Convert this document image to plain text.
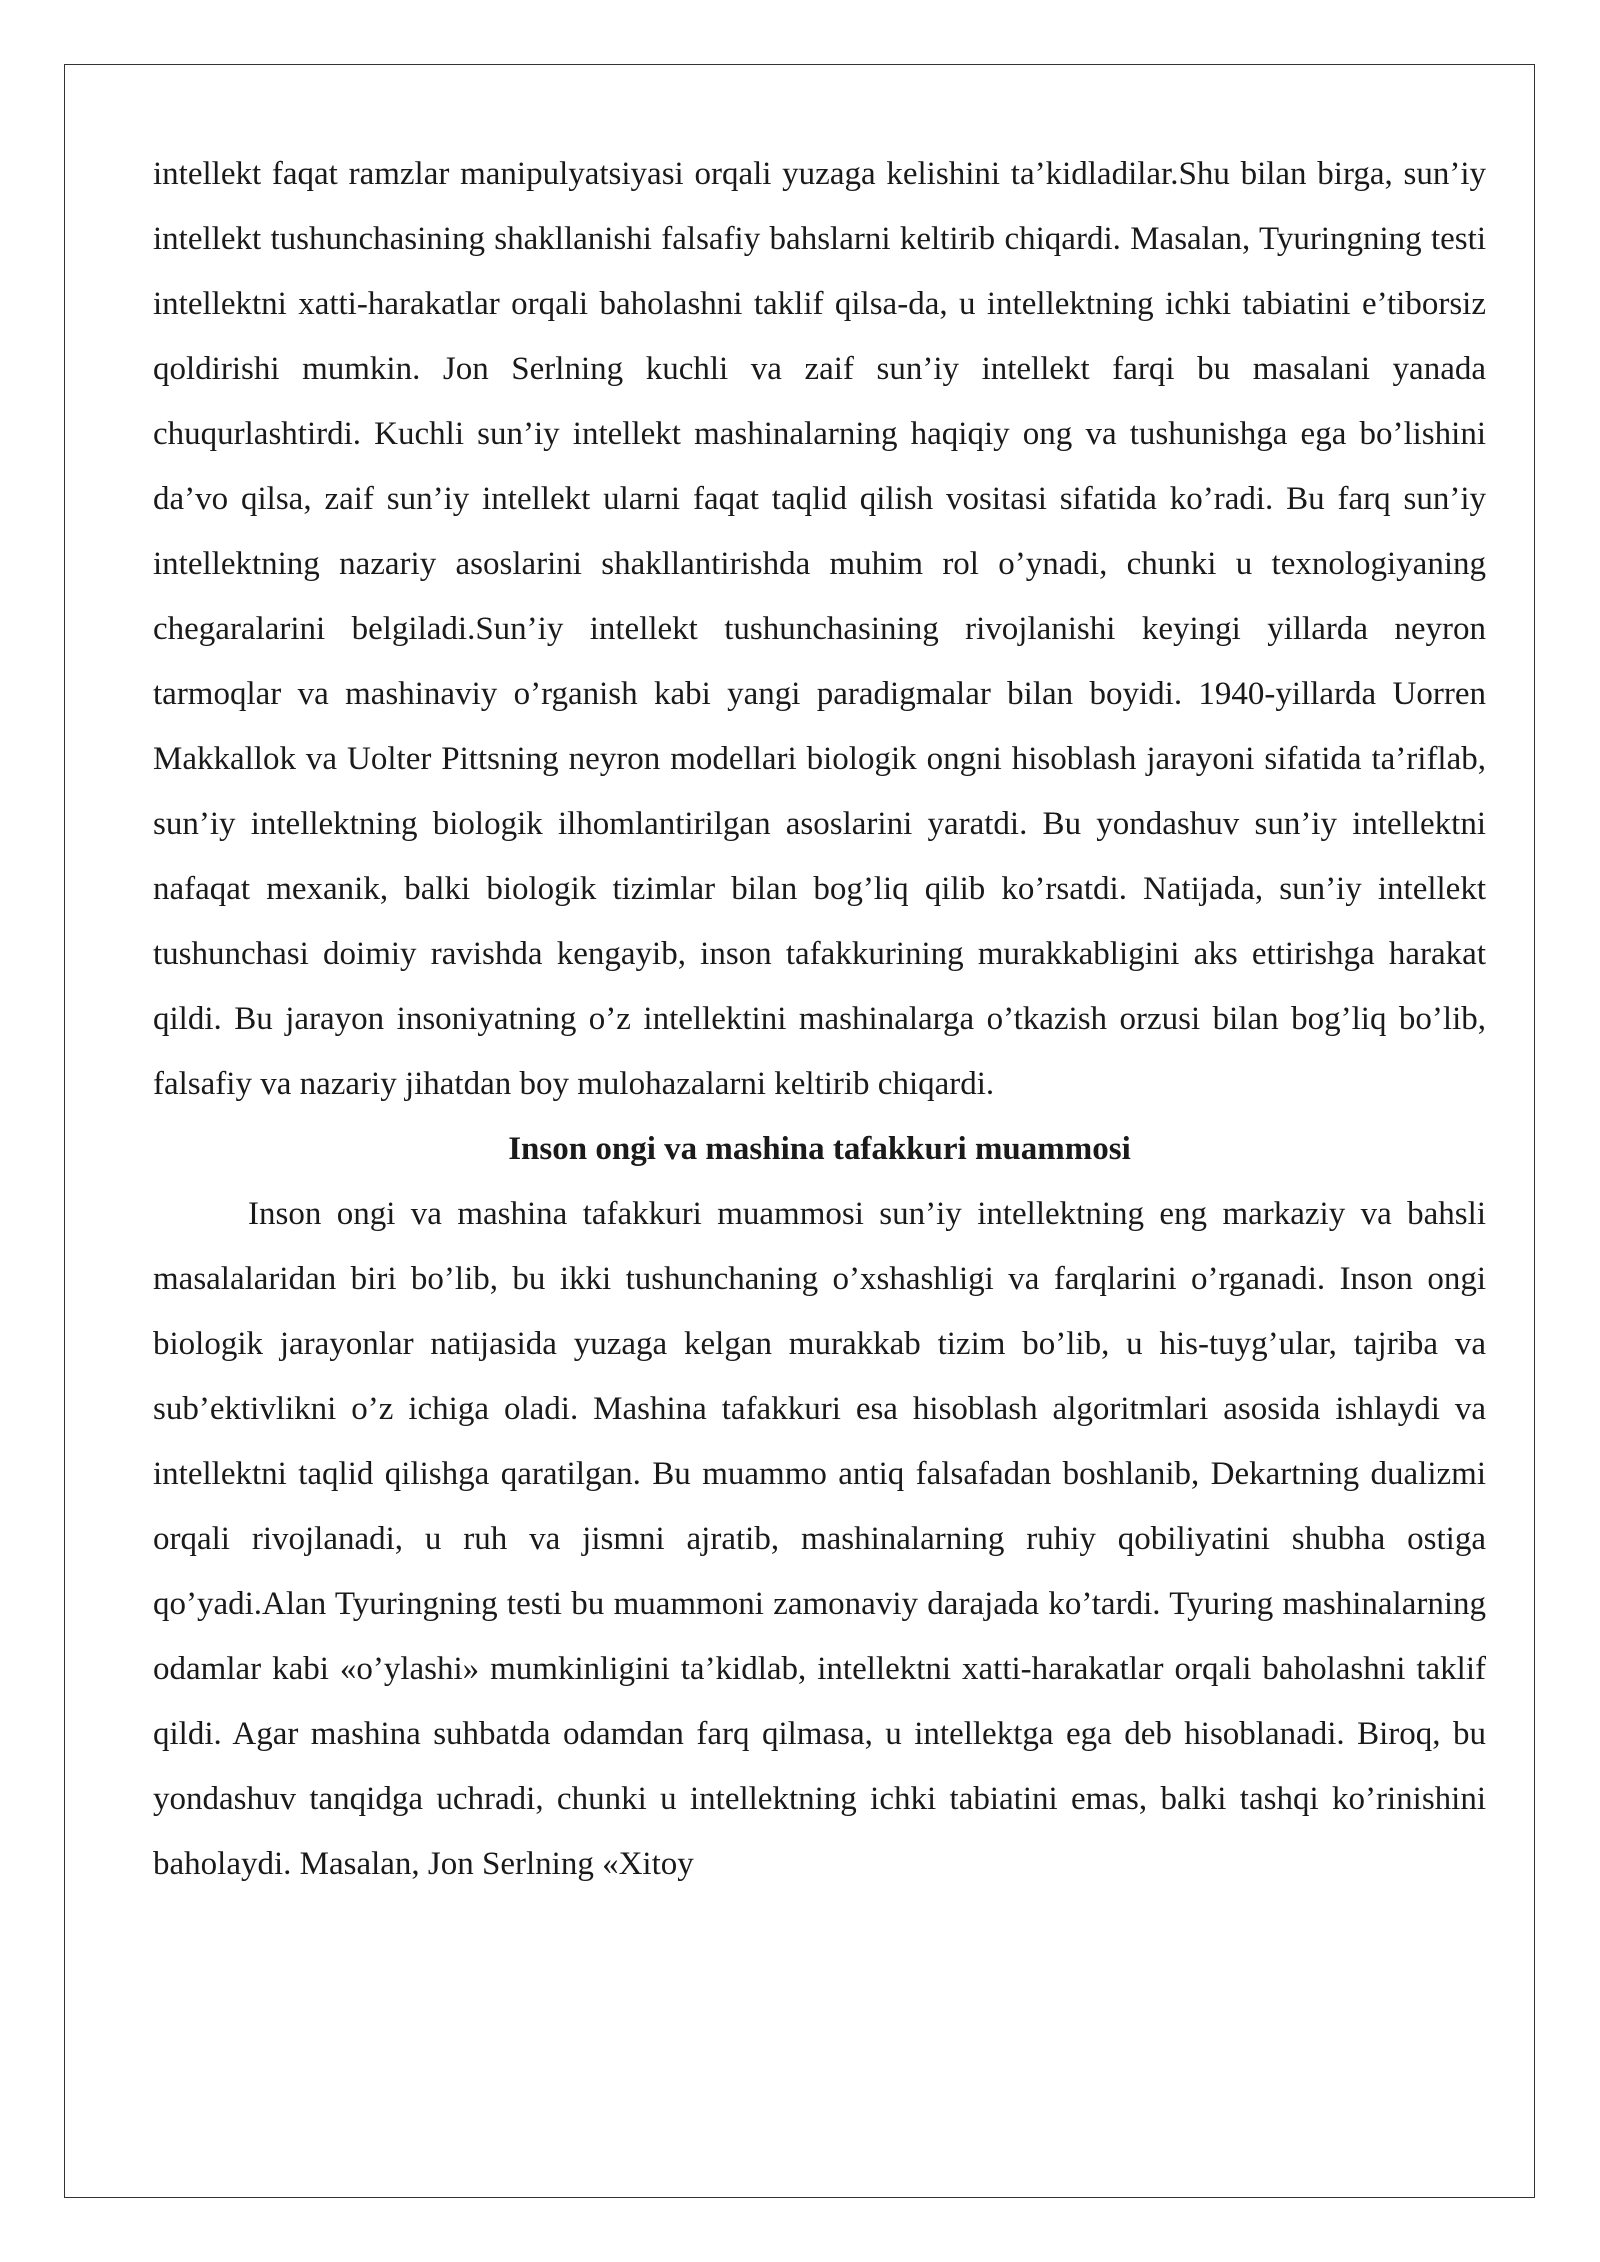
intellekt faqat ramzlar manipulyatsiyasi orqali yuzaga kelishini ta’kidladilar.Shu bilan birga, sun’iy intellekt tushunchasining shakllanishi falsafiy bahslarni keltirib chiqardi. Masalan, Tyuringning testi intellektni xatti-harakatlar orqali baholashni taklif qilsa-da, u intellektning ichki tabiatini e’tiborsiz qoldirishi mumkin. Jon Serlning kuchli va zaif sun’iy intellekt farqi bu masalani yanada chuqurlashtirdi. Kuchli sun’iy intellekt mashinalarning haqiqiy ong va tushunishga ega bo’lishini da’vo qilsa, zaif sun’iy intellekt ularni faqat taqlid qilish vositasi sifatida ko’radi. Bu farq sun’iy intellektning nazariy asoslarini shakllantirishda muhim rol o’ynadi, chunki u texnologiyaning chegaralarini belgiladi.Sun’iy intellekt tushunchasining rivojlanishi keyingi yillarda neyron tarmoqlar va mashinaviy o’rganish kabi yangi paradigmalar bilan boyidi. 1940-yillarda Uorren Makkallok va Uolter Pittsning neyron modellari biologik ongni hisoblash jarayoni sifatida ta’riflab, sun’iy intellektning biologik ilhomlantirilgan asoslarini yaratdi. Bu yondashuv sun’iy intellektni nafaqat mexanik, balki biologik tizimlar bilan bog’liq qilib ko’rsatdi. Natijada, sun’iy intellekt tushunchasi doimiy ravishda kengayib, inson tafakkurining murakkabligini aks ettirishga harakat qildi. Bu jarayon insoniyatning o’z intellektini mashinalarga o’tkazish orzusi bilan bog’liq bo’lib, falsafiy va nazariy jihatdan boy mulohazalarni keltirib chiqardi.

Inson ongi va mashina tafakkuri muammosi

Inson ongi va mashina tafakkuri muammosi sun’iy intellektning eng markaziy va bahsli masalalaridan biri bo’lib, bu ikki tushunchaning o’xshashligi va farqlarini o’rganadi. Inson ongi biologik jarayonlar natijasida yuzaga kelgan murakkab tizim bo’lib, u his-tuyg’ular, tajriba va sub’ektivlikni o’z ichiga oladi. Mashina tafakkuri esa hisoblash algoritmlari asosida ishlaydi va intellektni taqlid qilishga qaratilgan. Bu muammo antiq falsafadan boshlanib, Dekartning dualizmi orqali rivojlanadi, u ruh va jismni ajratib, mashinalarning ruhiy qobiliyatini shubha ostiga qo’yadi.Alan Tyuringning testi bu muammoni zamonaviy darajada ko’tardi. Tyuring mashinalarning odamlar kabi «o’ylashi» mumkinligini ta’kidlab, intellektni xatti-harakatlar orqali baholashni taklif qildi. Agar mashina suhbatda odamdan farq qilmasa, u intellektga ega deb hisoblanadi. Biroq, bu yondashuv tanqidga uchradi, chunki u intellektning ichki tabiatini emas, balki tashqi ko’rinishini baholaydi. Masalan, Jon Serlning «Xitoy
